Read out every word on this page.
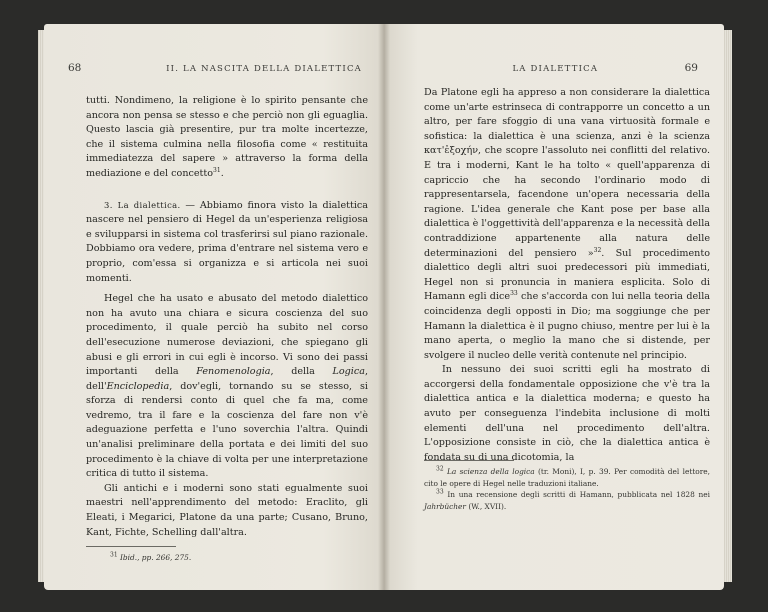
68	II. LA NASCITA DELLA DIALETTICA

tutti. Nondimeno, la religione è lo spirito pensante che ancora non pensa se stesso e che perciò non gli eguaglia. Questo lascia già presentire, pur tra molte incertezze, che il sistema culmina nella filosofia come « restituita immediatezza del sapere » attraverso la forma della mediazione e del concetto$^{31}$.

3. La dialettica. — Abbiamo finora visto la dialettica nascere nel pensiero di Hegel da un'esperienza religiosa e svilupparsi in sistema col trasferirsi sul piano razionale. Dobbiamo ora vedere, prima d'entrare nel sistema vero e proprio, com'essa si organizza e si articola nei suoi momenti.

Hegel che ha usato e abusato del metodo dialettico non ha avuto una chiara e sicura coscienza del suo procedimento, il quale perciò ha subito nel corso dell'esecuzione numerose deviazioni, che spiegano gli abusi e gli errori in cui egli è incorso. Vi sono dei passi importanti della Fenomenologia, della Logica, dell'Enciclopedia, dov'egli, tornando su se stesso, si sforza di rendersi conto di quel che fa ma, come vedremo, tra il fare e la coscienza del fare non v'è adeguazione perfetta e l'uno soverchia l'altra. Quindi un'analisi preliminare della portata e dei limiti del suo procedimento è la chiave di volta per une interpretazione critica di tutto il sistema.

Gli antichi e i moderni sono stati egualmente suoi maestri nell'apprendimento del metodo: Eraclito, gli Eleati, i Megarici, Platone da una parte; Cusano, Bruno, Kant, Fichte, Schelling dall'altra.

$^{31}$ Ibid., pp. 266, 275.

LA DIALETTICA	69

Da Platone egli ha appreso a non considerare la dialettica come un'arte estrinseca di contrapporre un concetto a un altro, per fare sfoggio di una vana virtuosità formale e sofistica: la dialettica è una scienza, anzi è la scienza κατ'ἐξοχήν, che scopre l'assoluto nei conflitti del relativo. E tra i moderni, Kant le ha tolto « quell'apparenza di capriccio che ha secondo l'ordinario modo di rappresentarsela, facendone un'opera necessaria della ragione. L'idea generale che Kant pose per base alla dialettica è l'oggettività dell'apparenza e la necessità della contraddizione appartenente alla natura delle determinazioni del pensiero »$^{32}$. Sul procedimento dialettico degli altri suoi predecessori più immediati, Hegel non si pronuncia in maniera esplicita. Solo di Hamann egli dice$^{33}$ che s'accorda con lui nella teoria della coincidenza degli opposti in Dio; ma soggiunge che per Hamann la dialettica è il pugno chiuso, mentre per lui è la mano aperta, o meglio la mano che si distende, per svolgere il nucleo delle verità contenute nel principio.

In nessuno dei suoi scritti egli ha mostrato di accorgersi della fondamentale opposizione che v'è tra la dialettica antica e la dialettica moderna; e questo ha avuto per conseguenza l'indebita inclusione di molti elementi dell'una nel procedimento dell'altra. L'opposizione consiste in ciò, che la dialettica antica è fondata su di una dicotomia, la

$^{32}$ La scienza della logica (tr. Moni), I, p. 39. Per comodità del lettore, cito le opere di Hegel nelle traduzioni italiane.

$^{33}$ In una recensione degli scritti di Hamann, pubblicata nel 1828 nei Jahrbücher (W., XVII).
